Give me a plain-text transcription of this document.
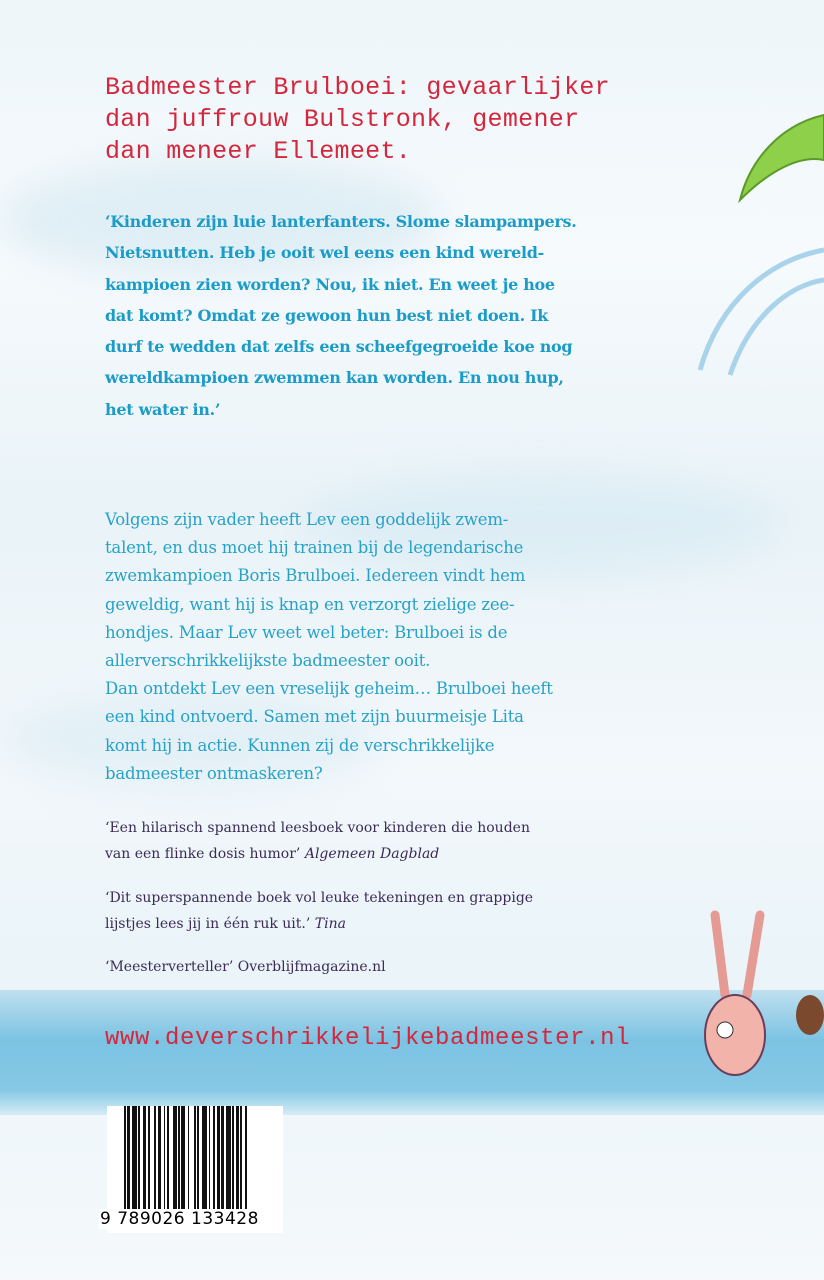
Badmeester Brulboei: gevaarlijker
dan juffrouw Bulstronk, gemener
dan meneer Ellemeet.
‘Kinderen zijn luie lanterfanters. Slome slampampers.
Nietsnutten. Heb je ooit wel eens een kind wereld-
kampioen zien worden? Nou, ik niet. En weet je hoe
dat komt? Omdat ze gewoon hun best niet doen. Ik
durf te wedden dat zelfs een scheefgegroeide koe nog
wereldkampioen zwemmen kan worden. En nou hup,
het water in.’
Volgens zijn vader heeft Lev een goddelijk zwem-
talent, en dus moet hij trainen bij de legendarische
zwemkampioen Boris Brulboei. Iedereen vindt hem
geweldig, want hij is knap en verzorgt zielige zee-
hondjes. Maar Lev weet wel beter: Brulboei is de
allerverschrikkelijkste badmeester ooit.
Dan ontdekt Lev een vreselijk geheim… Brulboei heeft
een kind ontvoerd. Samen met zijn buurmeisje Lita
komt hij in actie. Kunnen zij de verschrikkelijke
badmeester ontmaskeren?
‘Een hilarisch spannend leesboek voor kinderen die houden
van een flinke dosis humor’ Algemeen Dagblad
‘Dit superspannende boek vol leuke tekeningen en grappige
lijstjes lees jij in één ruk uit.’ Tina
‘Meesterverteller’ Overblijfmagazine.nl
www.deverschrikkelijkebadmeester.nl
9 789026 133428
